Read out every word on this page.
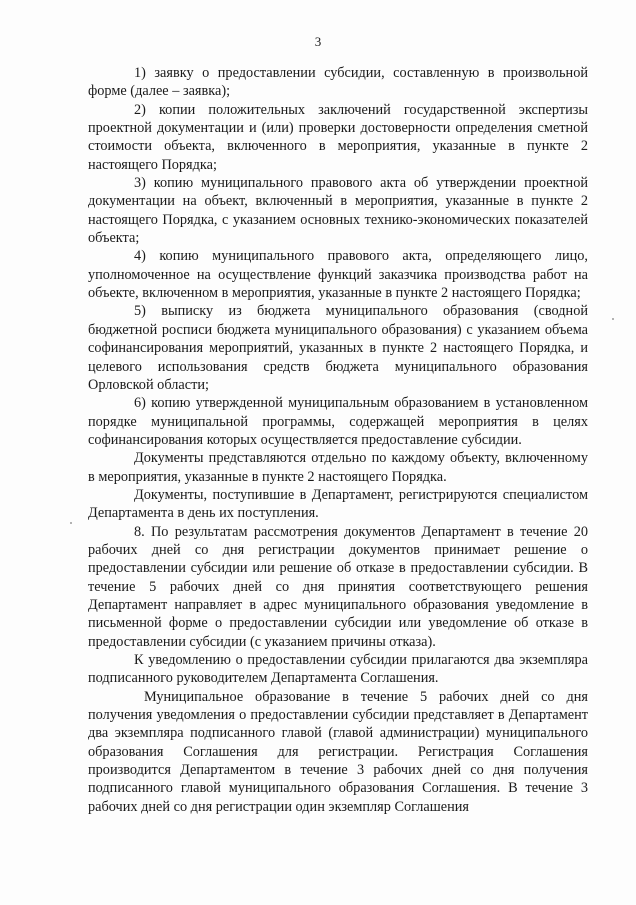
3

1) заявку о предоставлении субсидии, составленную в произвольной форме (далее – заявка);

2) копии положительных заключений государственной экспертизы проектной документации и (или) проверки достоверности определения сметной стоимости объекта, включенного в мероприятия, указанные в пункте 2 настоящего Порядка;

3) копию муниципального правового акта об утверждении проектной документации на объект, включенный в мероприятия, указанные в пункте 2 настоящего Порядка, с указанием основных технико-экономических показателей объекта;

4) копию муниципального правового акта, определяющего лицо, уполномоченное на осуществление функций заказчика производства работ на объекте, включенном в мероприятия, указанные в пункте 2 настоящего Порядка;

5) выписку из бюджета муниципального образования (сводной бюджетной росписи бюджета муниципального образования) с указанием объема софинансирования мероприятий, указанных в пункте 2 настоящего Порядка, и целевого использования средств бюджета муниципального образования Орловской области;

6) копию утвержденной муниципальным образованием в установленном порядке муниципальной программы, содержащей мероприятия в целях софинансирования которых осуществляется предоставление субсидии.

Документы представляются отдельно по каждому объекту, включенному в мероприятия, указанные в пункте 2 настоящего Порядка.

Документы, поступившие в Департамент, регистрируются специалистом Департамента в день их поступления.

8. По результатам рассмотрения документов Департамент в течение 20 рабочих дней со дня регистрации документов принимает решение о предоставлении субсидии или решение об отказе в предоставлении субсидии. В течение 5 рабочих дней со дня принятия соответствующего решения Департамент направляет в адрес муниципального образования уведомление в письменной форме о предоставлении субсидии или уведомление об отказе в предоставлении субсидии (с указанием причины отказа).

К уведомлению о предоставлении субсидии прилагаются два экземпляра подписанного руководителем Департамента Соглашения.

Муниципальное образование в течение 5 рабочих дней со дня получения уведомления о предоставлении субсидии представляет в Департамент два экземпляра подписанного главой (главой администрации) муниципального образования Соглашения для регистрации. Регистрация Соглашения производится Департаментом в течение 3 рабочих дней со дня получения подписанного главой муниципального образования Соглашения. В течение 3 рабочих дней со дня регистрации один экземпляр Соглашения
